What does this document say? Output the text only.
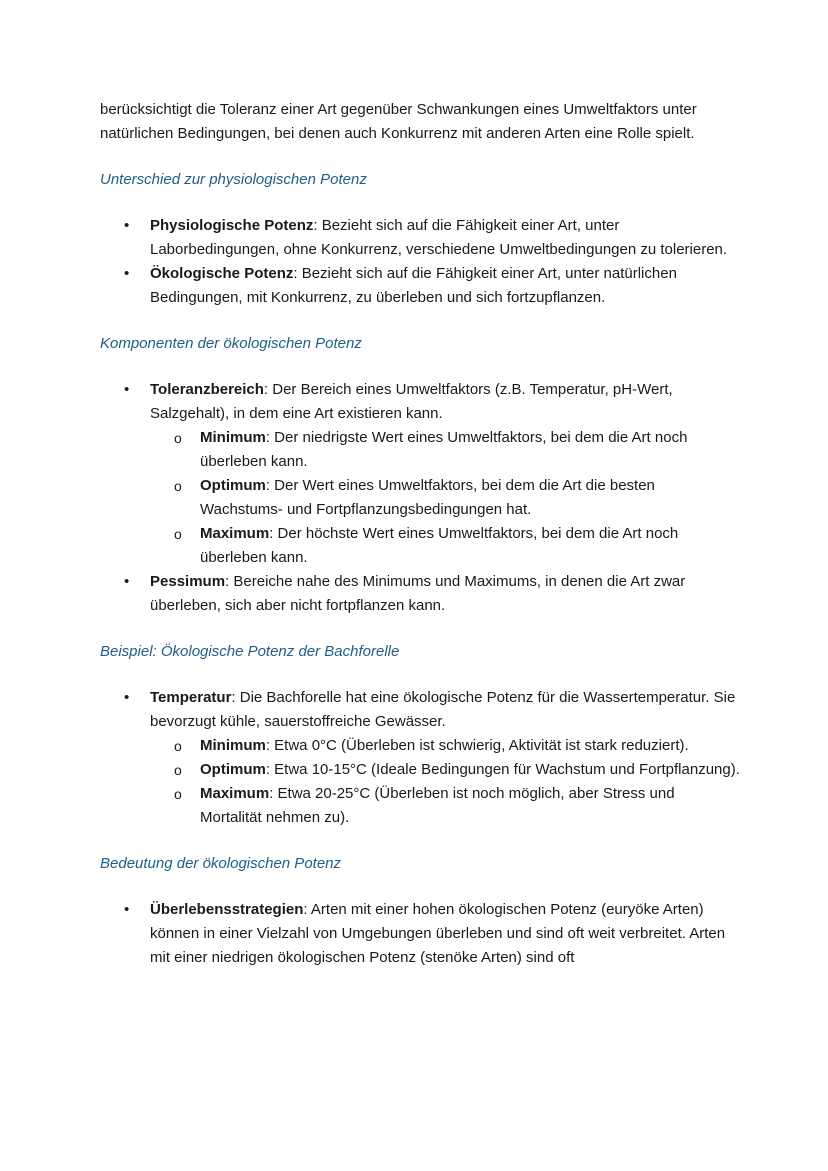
berücksichtigt die Toleranz einer Art gegenüber Schwankungen eines Umweltfaktors unter natürlichen Bedingungen, bei denen auch Konkurrenz mit anderen Arten eine Rolle spielt.

Unterschied zur physiologischen Potenz
• Physiologische Potenz: Bezieht sich auf die Fähigkeit einer Art, unter Laborbedingungen, ohne Konkurrenz, verschiedene Umweltbedingungen zu tolerieren.
• Ökologische Potenz: Bezieht sich auf die Fähigkeit einer Art, unter natürlichen Bedingungen, mit Konkurrenz, zu überleben und sich fortzupflanzen.
Komponenten der ökologischen Potenz
• Toleranzbereich: Der Bereich eines Umweltfaktors (z.B. Temperatur, pH-Wert, Salzgehalt), in dem eine Art existieren kann.
o Minimum: Der niedrigste Wert eines Umweltfaktors, bei dem die Art noch überleben kann.
o Optimum: Der Wert eines Umweltfaktors, bei dem die Art die besten Wachstums- und Fortpflanzungsbedingungen hat.
o Maximum: Der höchste Wert eines Umweltfaktors, bei dem die Art noch überleben kann.
• Pessimum: Bereiche nahe des Minimums und Maximums, in denen die Art zwar überleben, sich aber nicht fortpflanzen kann.
Beispiel: Ökologische Potenz der Bachforelle
• Temperatur: Die Bachforelle hat eine ökologische Potenz für die Wassertemperatur. Sie bevorzugt kühle, sauerstoffreiche Gewässer.
o Minimum: Etwa 0°C (Überleben ist schwierig, Aktivität ist stark reduziert).
o Optimum: Etwa 10-15°C (Ideale Bedingungen für Wachstum und Fortpflanzung).
o Maximum: Etwa 20-25°C (Überleben ist noch möglich, aber Stress und Mortalität nehmen zu).
Bedeutung der ökologischen Potenz
• Überlebensstrategien: Arten mit einer hohen ökologischen Potenz (euryöke Arten) können in einer Vielzahl von Umgebungen überleben und sind oft weit verbreitet. Arten mit einer niedrigen ökologischen Potenz (stenöke Arten) sind oft
